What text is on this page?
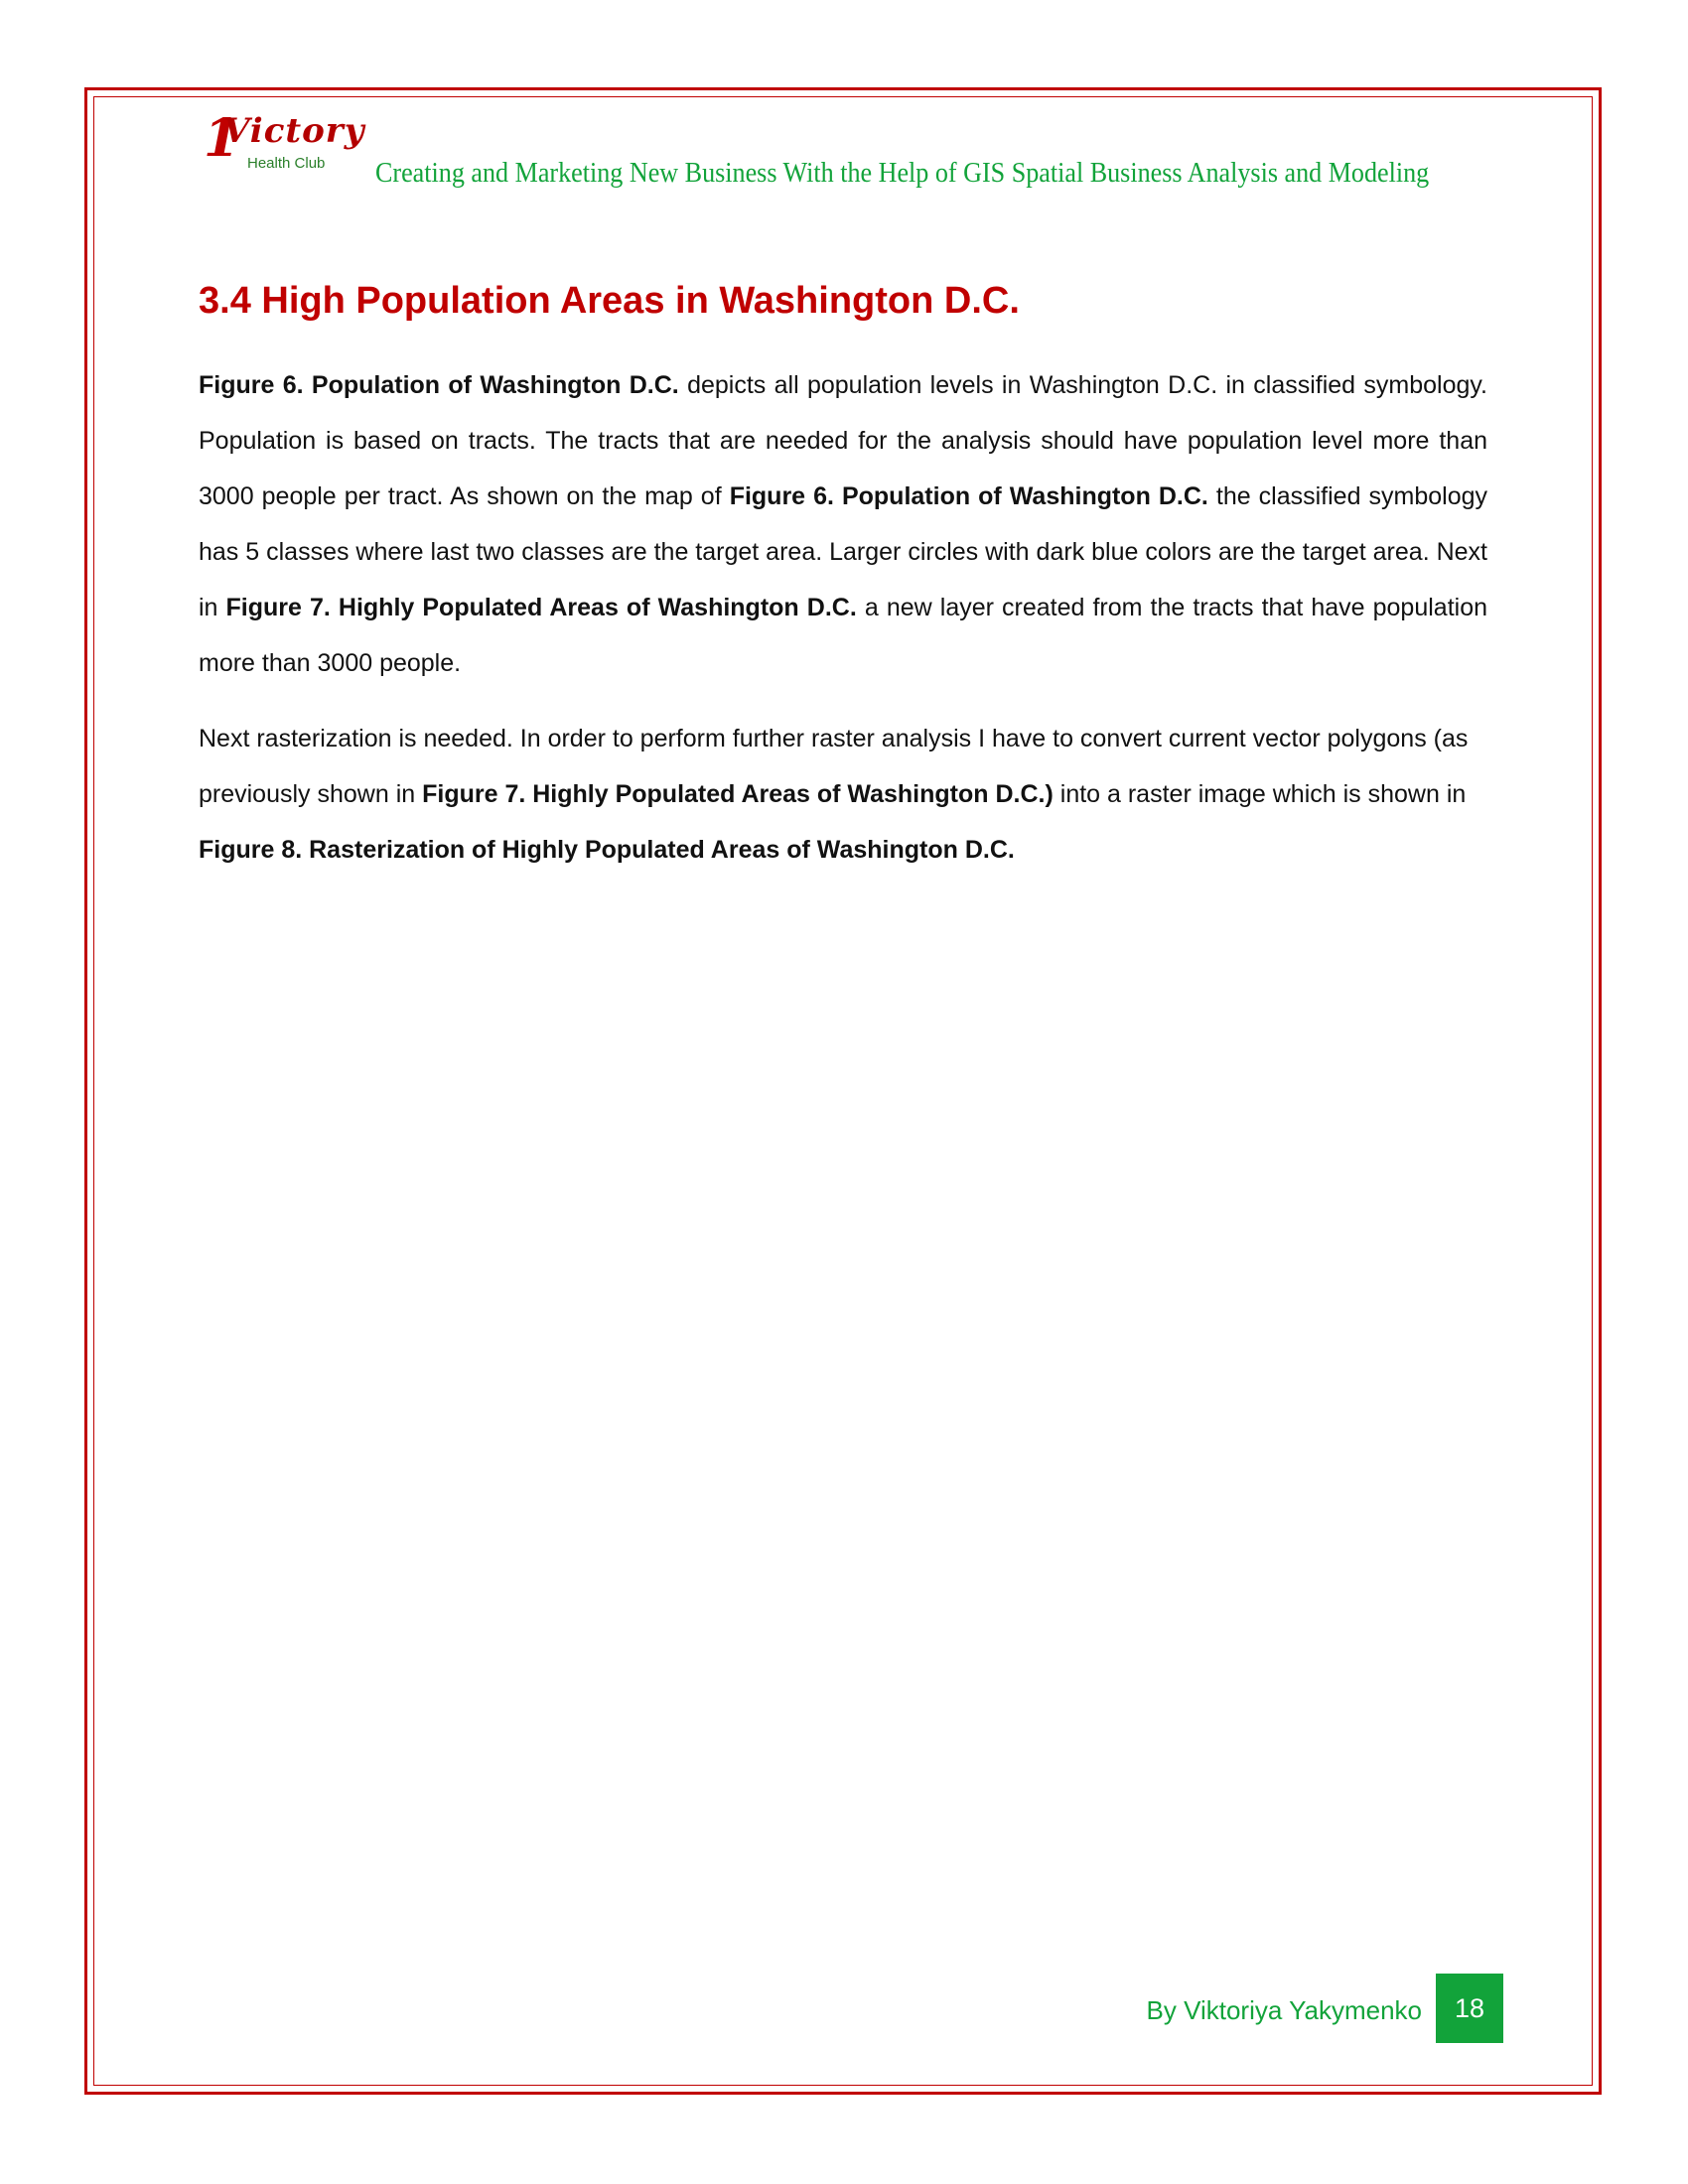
1
Victory
Health Club Creating and Marketing New Business With the Help of GIS Spatial Business Analysis and Modeling
3.4 High Population Areas in Washington D.C.

Figure 6. Population of Washington D.C. depicts all population levels in Washington D.C. in classified symbology. Population is based on tracts. The tracts that are needed for the analysis should have population level more than 3000 people per tract. As shown on the map of Figure 6. Population of Washington D.C. the classified symbology has 5 classes where last two classes are the target area. Larger circles with dark blue colors are the target area. Next in Figure 7. Highly Populated Areas of Washington D.C. a new layer created from the tracts that have population more than 3000 people.

Next rasterization is needed. In order to perform further raster analysis I have to convert current vector polygons (as previously shown in Figure 7. Highly Populated Areas of Washington D.C.) into a raster image which is shown in Figure 8. Rasterization of Highly Populated Areas of Washington D.C.

By Viktoriya Yakymenko 18
